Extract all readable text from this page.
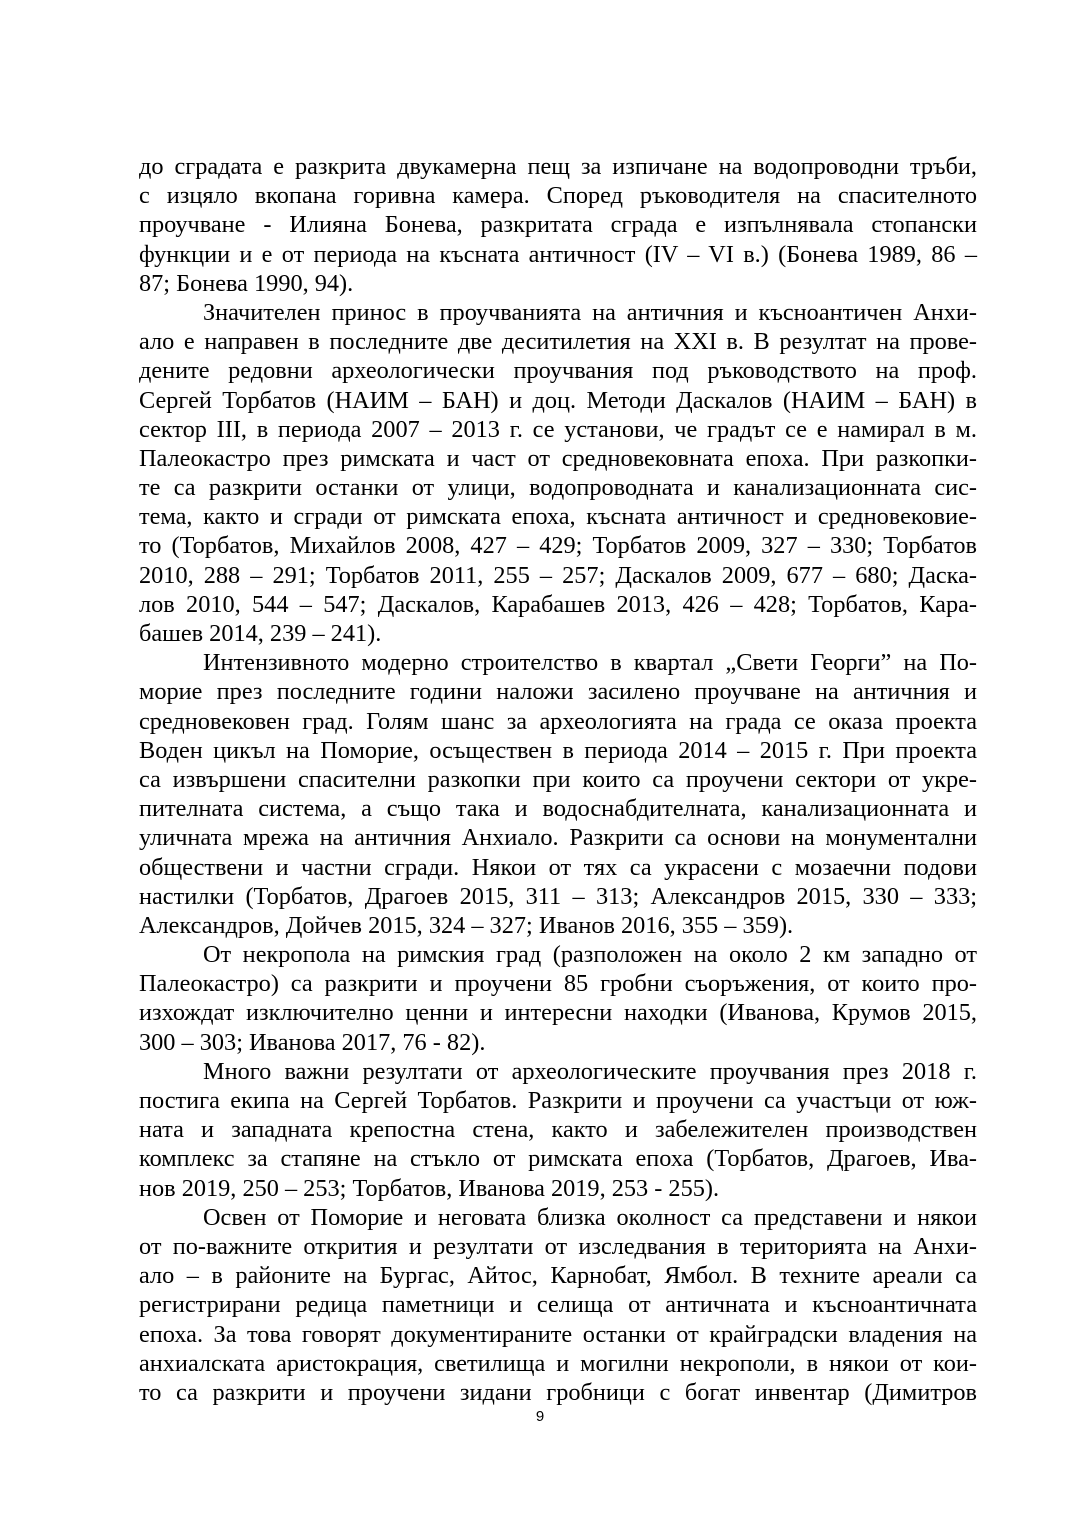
до сградата е разкрита двукамерна пещ за изпичане на водопроводни тръби,
с изцяло вкопана горивна камера. Според ръководителя на спасителното
проучване - Илияна Бонева, разкритата сграда е изпълнявала стопански
функции и е от периода на късната античност (IV – VI в.) (Бонева 1989, 86 –
87; Бонева 1990, 94).
Значителен принос в проучванията на античния и късноантичен Анхи-
ало е направен в последните две деситилетия на XXI в. В резултат на прове-
дените редовни археологически проучвания под ръководството на проф.
Сергей Торбатов (НАИМ – БАН) и доц. Методи Даскалов (НАИМ – БАН) в
сектор III, в периода 2007 – 2013 г. се установи, че градът се е намирал в м.
Палеокастро през римската и част от средновековната епоха. При разкопки-
те са разкрити останки от улици, водопроводната и канализационната сис-
тема, както и сгради от римската епоха, късната античност и средновековие-
то (Торбатов, Михайлов 2008, 427 – 429; Торбатов 2009, 327 – 330; Торбатов
2010, 288 – 291; Торбатов 2011, 255 – 257; Даскалов 2009, 677 – 680; Даска-
лов 2010, 544 – 547; Даскалов, Карабашев 2013, 426 – 428; Торбатов, Кара-
башев 2014, 239 – 241).
Интензивното модерно строителство в квартал „Свети Георги” на По-
морие през последните години наложи засилено проучване на античния и
средновековен град. Голям шанс за археологията на града се оказа проекта
Воден цикъл на Поморие, осъществен в периода 2014 – 2015 г. При проекта
са извършени спасителни разкопки при които са проучени сектори от укре-
пителната система, а също така и водоснабдителната, канализационната и
уличната мрежа на античния Анхиало. Разкрити са основи на монументални
обществени и частни сгради. Някои от тях са украсени с мозаечни подови
настилки (Торбатов, Драгоев 2015, 311 – 313; Александров 2015, 330 – 333;
Александров, Дойчев 2015, 324 – 327; Иванов 2016, 355 – 359).
От некропола на римския град (разположен на около 2 км западно от
Палеокастро) са разкрити и проучени 85 гробни съоръжения, от които про-
изхождат изключително ценни и интересни находки (Иванова, Крумов 2015,
300 – 303; Иванова 2017, 76 - 82).
Много важни резултати от археологическите проучвания през 2018 г.
постига екипа на Сергей Торбатов. Разкрити и проучени са участъци от юж-
ната и западната крепостна стена, както и забележителен производствен
комплекс за стапяне на стъкло от римската епоха (Торбатов, Драгоев, Ива-
нов 2019, 250 – 253; Торбатов, Иванова 2019, 253 - 255).
Освен от Поморие и неговата близка околност са представени и някои
от по-важните открития и резултати от изследвания в територията на Анхи-
ало – в районите на Бургас, Айтос, Карнобат, Ямбол. В техните ареали са
регистрирани редица паметници и селища от античната и късноантичната
епоха. За това говорят документираните останки от крайградски владения на
анхиалската аристокрация, светилища и могилни некрополи, в някои от кои-
то са разкрити и проучени зидани гробници с богат инвентар (Димитров
9
